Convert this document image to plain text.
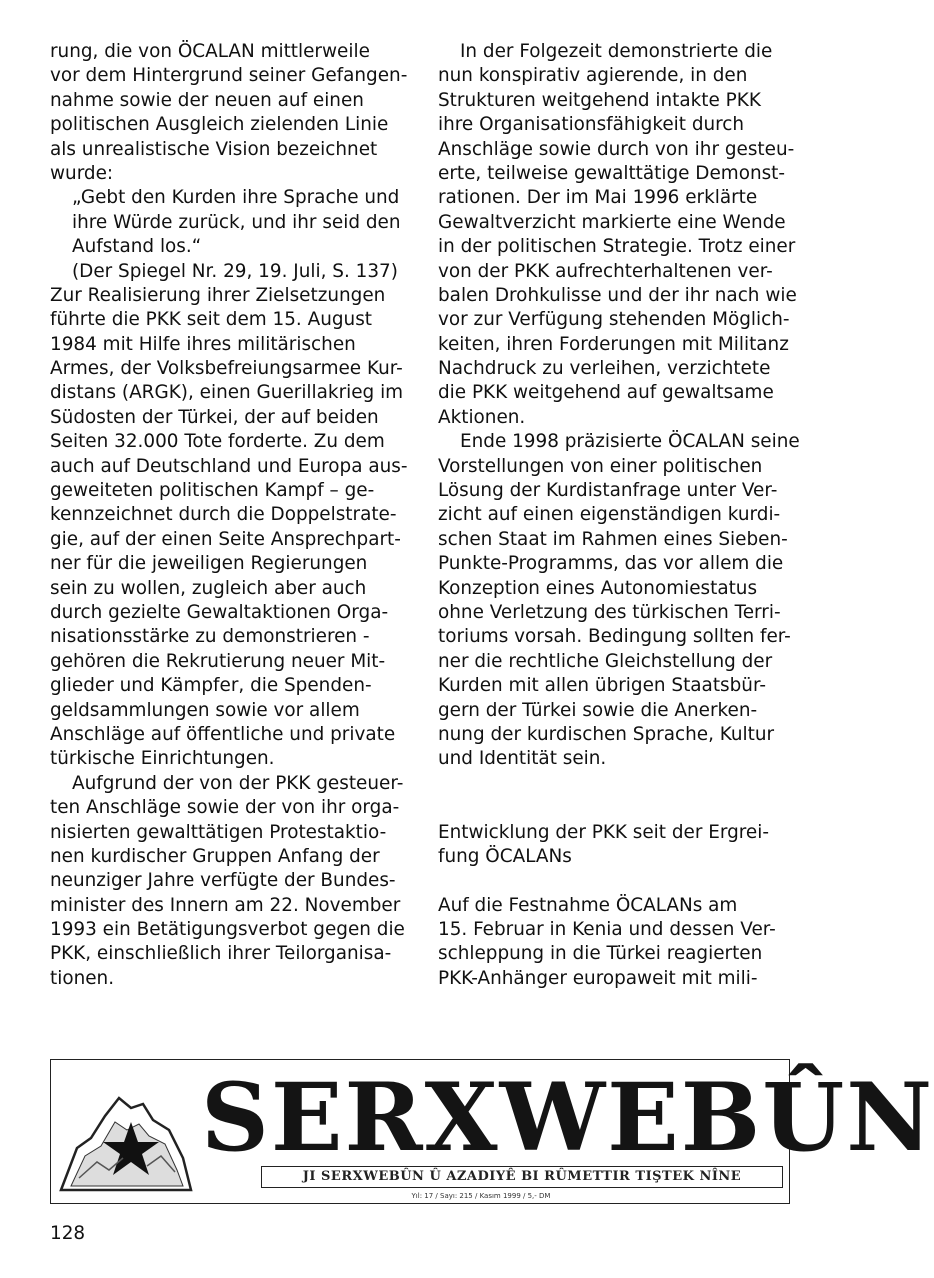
rung, die von ÖCALAN mittlerweile
vor dem Hintergrund seiner Gefangen-
nahme sowie der neuen auf einen
politischen Ausgleich zielenden Linie
als unrealistische Vision bezeichnet
wurde:
„Gebt den Kurden ihre Sprache und
ihre Würde zurück, und ihr seid den
Aufstand los.“
(Der Spiegel Nr. 29, 19. Juli, S. 137)
Zur Realisierung ihrer Zielsetzungen
führte die PKK seit dem 15. August
1984 mit Hilfe ihres militärischen
Armes, der Volksbefreiungsarmee Kur-
distans (ARGK), einen Guerillakrieg im
Südosten der Türkei, der auf beiden
Seiten 32.000 Tote forderte. Zu dem
auch auf Deutschland und Europa aus-
geweiteten politischen Kampf – ge-
kennzeichnet durch die Doppelstrate-
gie, auf der einen Seite Ansprechpart-
ner für die jeweiligen Regierungen
sein zu wollen, zugleich aber auch
durch gezielte Gewaltaktionen Orga-
nisationsstärke zu demonstrieren -
gehören die Rekrutierung neuer Mit-
glieder und Kämpfer, die Spenden-
geldsammlungen sowie vor allem
Anschläge auf öffentliche und private
türkische Einrichtungen.
Aufgrund der von der PKK gesteuer-
ten Anschläge sowie der von ihr orga-
nisierten gewalttätigen Protestaktio-
nen kurdischer Gruppen Anfang der
neunziger Jahre verfügte der Bundes-
minister des Innern am 22. November
1993 ein Betätigungsverbot gegen die
PKK, einschließlich ihrer Teilorganisa-
tionen.
In der Folgezeit demonstrierte die
nun konspirativ agierende, in den
Strukturen weitgehend intakte PKK
ihre Organisationsfähigkeit durch
Anschläge sowie durch von ihr gesteu-
erte, teilweise gewalttätige Demonst-
rationen. Der im Mai 1996 erklärte
Gewaltverzicht markierte eine Wende
in der politischen Strategie. Trotz einer
von der PKK aufrechterhaltenen ver-
balen Drohkulisse und der ihr nach wie
vor zur Verfügung stehenden Möglich-
keiten, ihren Forderungen mit Militanz
Nachdruck zu verleihen, verzichtete
die PKK weitgehend auf gewaltsame
Aktionen.
Ende 1998 präzisierte ÖCALAN seine
Vorstellungen von einer politischen
Lösung der Kurdistanfrage unter Ver-
zicht auf einen eigenständigen kurdi-
schen Staat im Rahmen eines Sieben-
Punkte-Programms, das vor allem die
Konzeption eines Autonomiestatus
ohne Verletzung des türkischen Terri-
toriums vorsah. Bedingung sollten fer-
ner die rechtliche Gleichstellung der
Kurden mit allen übrigen Staatsbür-
gern der Türkei sowie die Anerken-
nung der kurdischen Sprache, Kultur
und Identität sein.
Entwicklung der PKK seit der Ergrei-
fung ÖCALANs
Auf die Festnahme ÖCALANs am
15. Februar in Kenia und dessen Ver-
schleppung in die Türkei reagierten
PKK-Anhänger europaweit mit mili-
SERXWEBÛN
JI SERXWEBÛN Û AZADIYÊ BI RÛMETTIR TIŞTEK NÎNE
Yıl: 17 / Sayı: 215 / Kasım 1999 / 5,- DM
128
